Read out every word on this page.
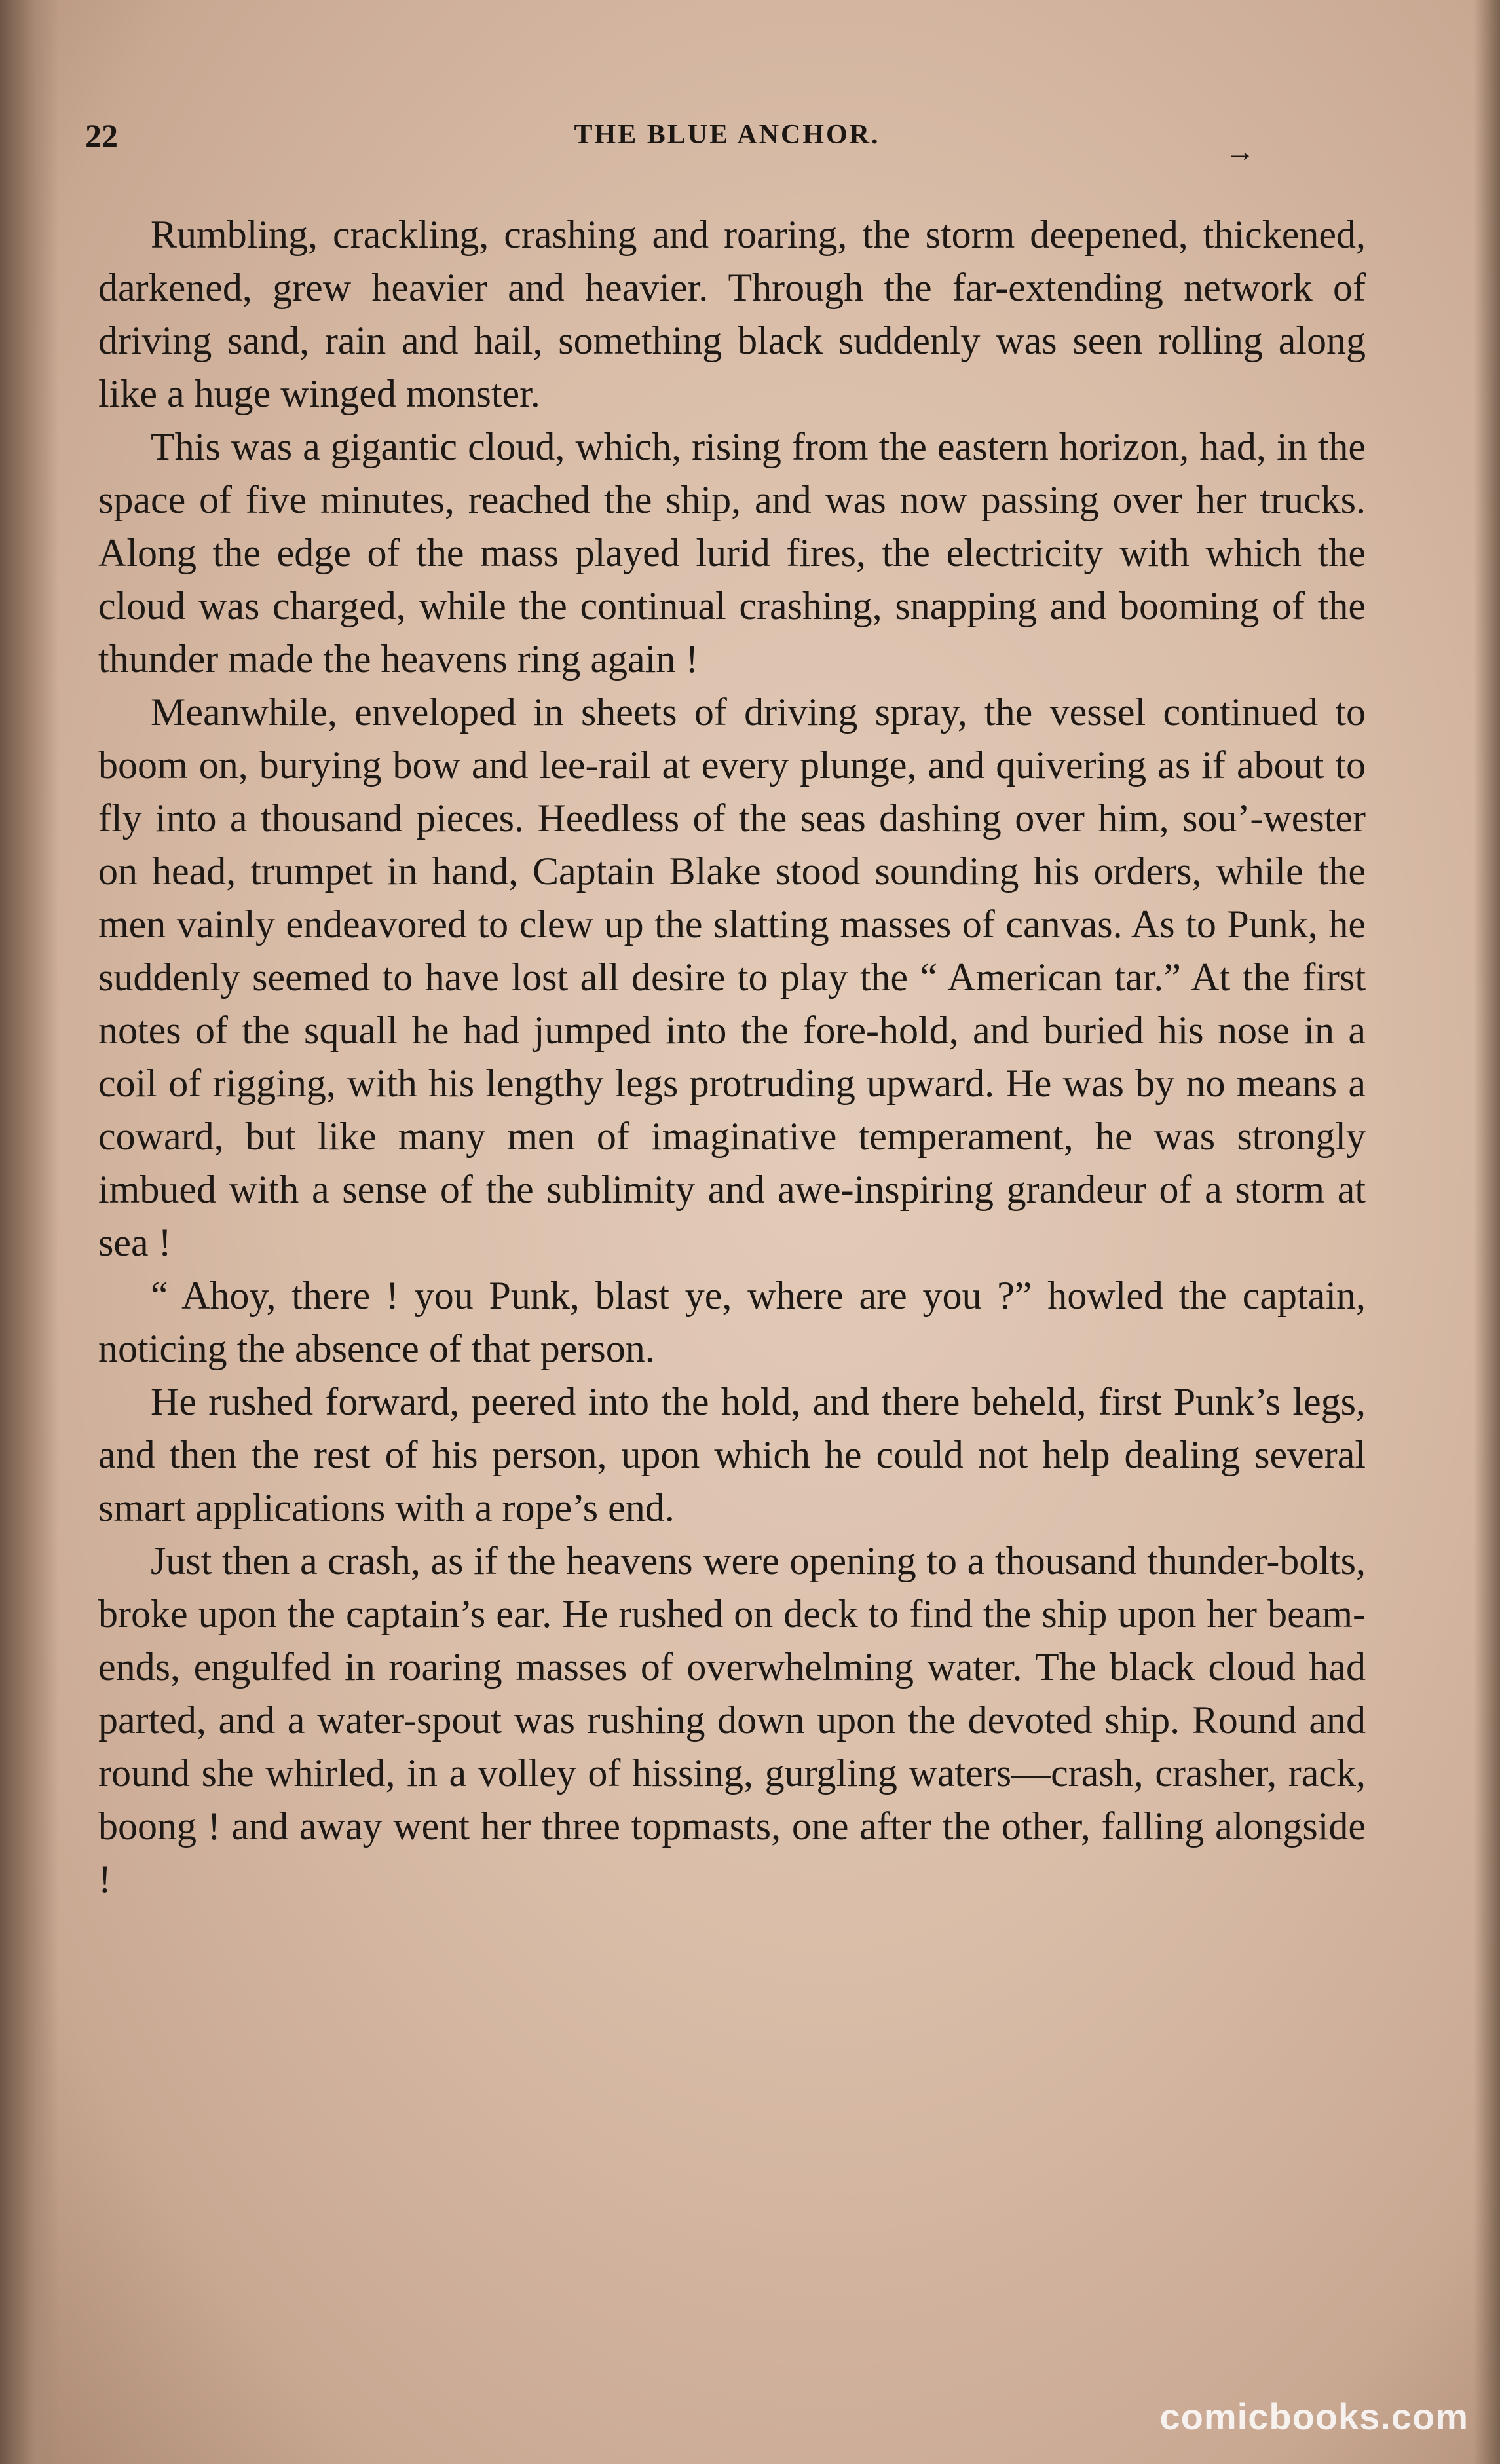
22	THE BLUE ANCHOR.	→

Rumbling, crackling, crashing and roaring, the storm deepened, thickened, darkened, grew heavier and heavier. Through the far-extending network of driving sand, rain and hail, something black suddenly was seen rolling along like a huge winged monster.

This was a gigantic cloud, which, rising from the eastern horizon, had, in the space of five minutes, reached the ship, and was now passing over her trucks. Along the edge of the mass played lurid fires, the electricity with which the cloud was charged, while the continual crashing, snapping and booming of the thunder made the heavens ring again !

Meanwhile, enveloped in sheets of driving spray, the vessel continued to boom on, burying bow and lee-rail at every plunge, and quivering as if about to fly into a thousand pieces. Heedless of the seas dashing over him, sou’-wester on head, trumpet in hand, Captain Blake stood sounding his orders, while the men vainly endeavored to clew up the slatting masses of canvas. As to Punk, he suddenly seemed to have lost all desire to play the “ American tar.” At the first notes of the squall he had jumped into the fore-hold, and buried his nose in a coil of rigging, with his lengthy legs protruding upward. He was by no means a coward, but like many men of imaginative temperament, he was strongly imbued with a sense of the sublimity and awe-inspiring grandeur of a storm at sea !

“ Ahoy, there ! you Punk, blast ye, where are you ?” howled the captain, noticing the absence of that person.

He rushed forward, peered into the hold, and there beheld, first Punk’s legs, and then the rest of his person, upon which he could not help dealing several smart applications with a rope’s end.

Just then a crash, as if the heavens were opening to a thousand thunder-bolts, broke upon the captain’s ear. He rushed on deck to find the ship upon her beam-ends, engulfed in roaring masses of overwhelming water. The black cloud had parted, and a water-spout was rushing down upon the devoted ship. Round and round she whirled, in a volley of hissing, gurgling waters—crash, crasher, rack, boong ! and away went her three topmasts, one after the other, falling alongside !

comicbooks.com
